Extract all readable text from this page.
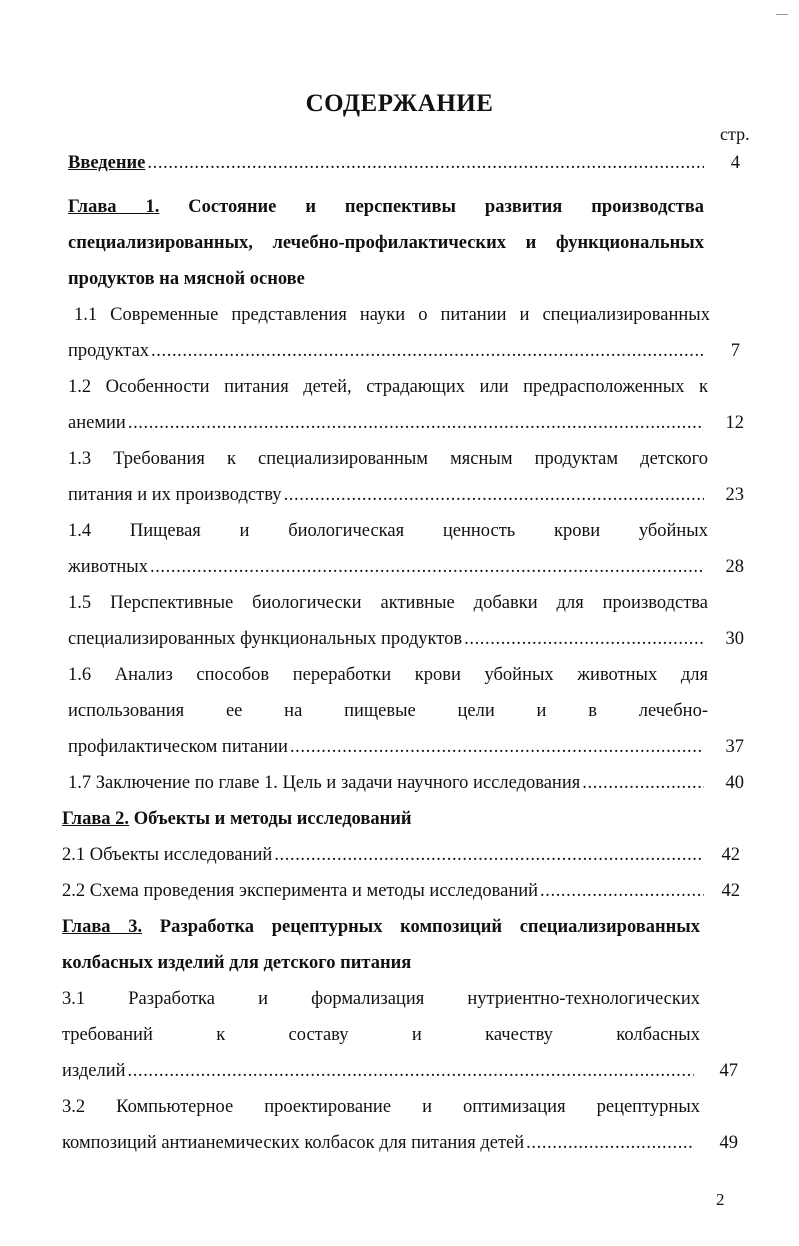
СОДЕРЖАНИЕ
стр.
Введение .....	4
Глава 1. Состояние и перспективы развития производства
специализированных, лечебно-профилактических и функциональных
продуктов на мясной основе
1.1 Современные представления науки о питании и специализированных
продуктах .....	7
1.2 Особенности питания детей, страдающих или предрасположенных к
анемии .....	12
1.3 Требования к специализированным мясным продуктам детского
питания и их производству .....	23
1.4 Пищевая и биологическая ценность крови убойных
животных .....	28
1.5 Перспективные биологически активные добавки для производства
специализированных функциональных продуктов .....	30
1.6 Анализ способов переработки крови убойных животных для
использования ее на пищевые цели и в лечебно-
профилактическом питании .....	37
1.7 Заключение по главе 1. Цель и задачи научного исследования .....	40
Глава 2. Объекты и методы исследований
2.1 Объекты исследований .....	42
2.2 Схема проведения эксперимента и методы исследований .....	42
Глава 3. Разработка рецептурных композиций специализированных
колбасных изделий для детского питания
3.1 Разработка и формализация нутриентно-технологических
требований к составу и качеству колбасных
изделий .....	47
3.2 Компьютерное проектирование и оптимизация рецептурных
композиций антианемических колбасок для питания детей .....	49
2
